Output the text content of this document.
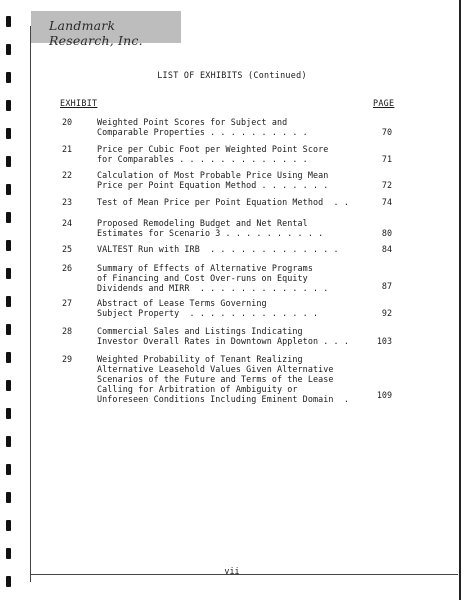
Landmark Research, Inc.
LIST OF EXHIBITS (Continued)
EXHIBIT	PAGE
20	Weighted Point Scores for Subject and
Comparable Properties . . . . . . . . . .	70
21	Price per Cubic Foot per Weighted Point Score
for Comparables . . . . . . . . . . . . .	71
22	Calculation of Most Probable Price Using Mean
Price per Point Equation Method . . . . . . .	72
23	Test of Mean Price per Point Equation Method  . .	74
24	Proposed Remodeling Budget and Net Rental
Estimates for Scenario 3 . . . . . . . . . .	80
25	VALTEST Run with IRB  . . . . . . . . . . . . .	84
26	Summary of Effects of Alternative Programs
of Financing and Cost Over-runs on Equity
Dividends and MIRR  . . . . . . . . . . . . .	87
27	Abstract of Lease Terms Governing
Subject Property  . . . . . . . . . . . . .	92
28	Commercial Sales and Listings Indicating
Investor Overall Rates in Downtown Appleton . . .	103
29	Weighted Probability of Tenant Realizing
Alternative Leasehold Values Given Alternative
Scenarios of the Future and Terms of the Lease
Calling for Arbitration of Ambiguity or
Unforeseen Conditions Including Eminent Domain  .	109
vii
